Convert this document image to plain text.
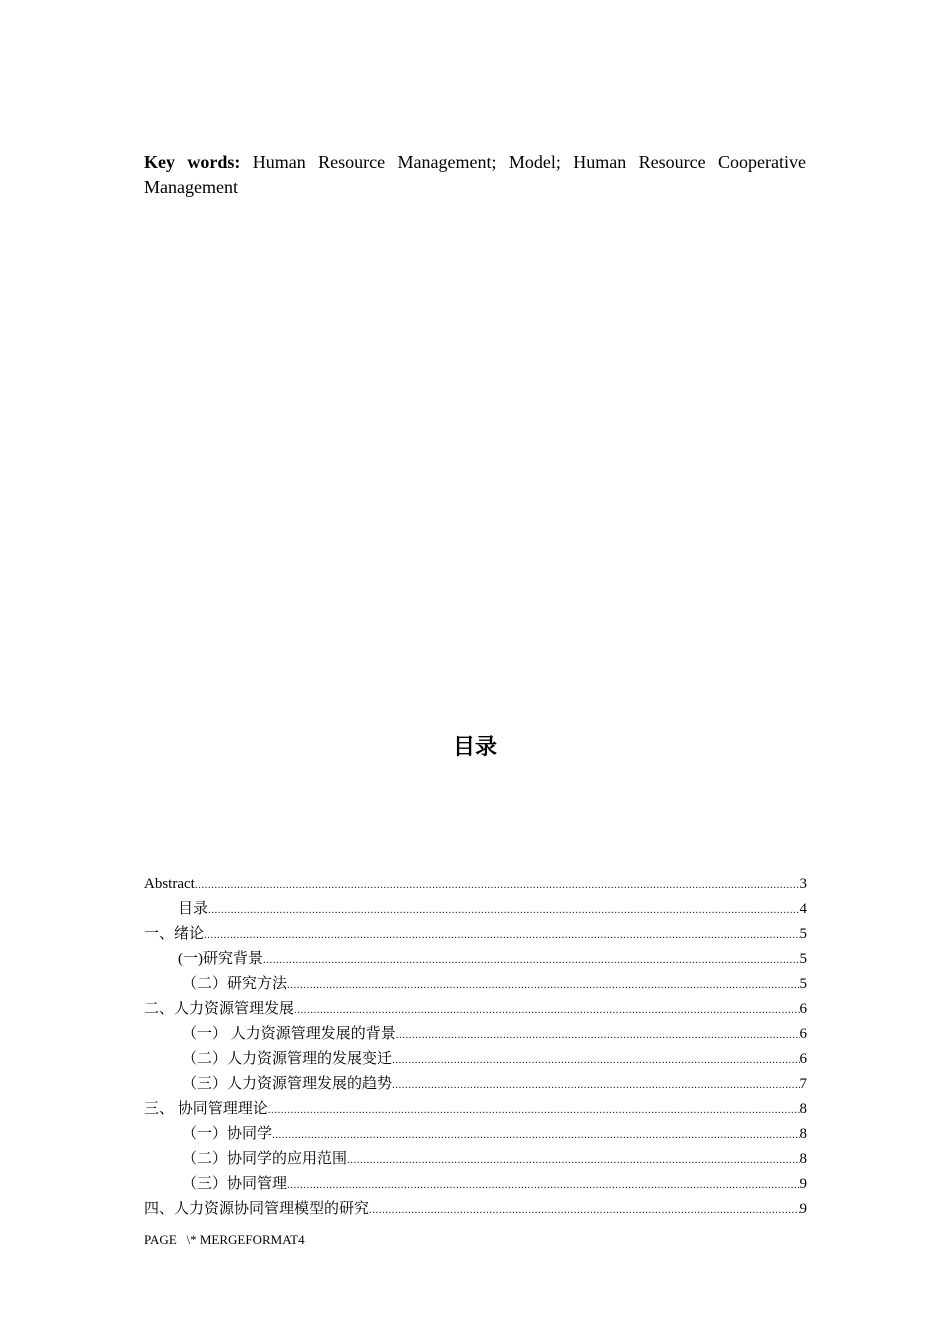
Key words: Human Resource Management; Model; Human Resource Cooperative Management
目录
Abstract .....	3
目录 .....	4
一、绪论 .....	5
(一)研究背景 .....	5
（二）研究方法 .....	5
二、人力资源管理发展 .....	6
（一） 人力资源管理发展的背景 .....	6
（二）人力资源管理的发展变迁 .....	6
（三）人力资源管理发展的趋势 .....	7
三、 协同管理理论 .....	8
（一）协同学 .....	8
（二）协同学的应用范围 .....	8
（三）协同管理 .....	9
四、人力资源协同管理模型的研究 .....	9
PAGE   \* MERGEFORMAT4
